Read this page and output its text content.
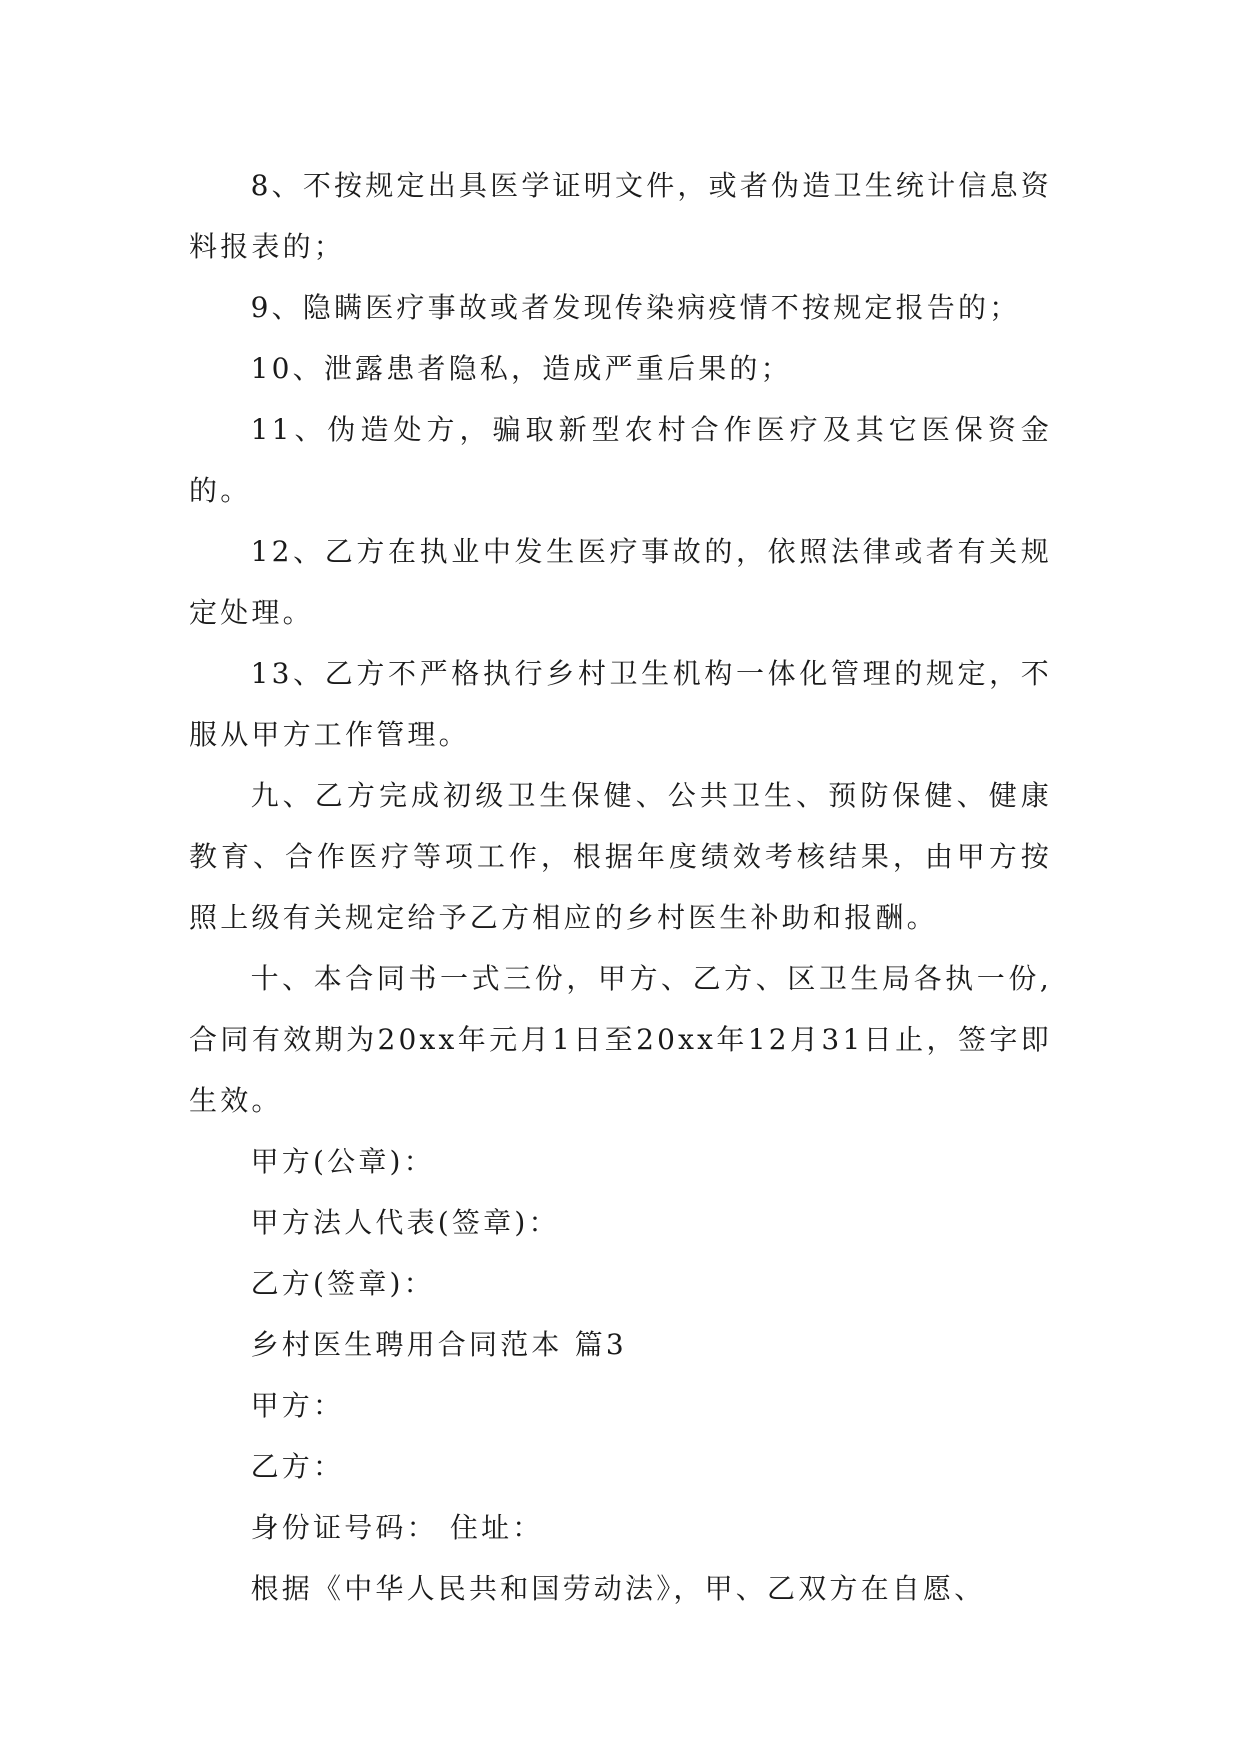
8、不按规定出具医学证明文件，或者伪造卫生统计信息资料报表的；

9、隐瞒医疗事故或者发现传染病疫情不按规定报告的；

10、泄露患者隐私，造成严重后果的；

11、伪造处方，骗取新型农村合作医疗及其它医保资金的。

12、乙方在执业中发生医疗事故的，依照法律或者有关规定处理。

13、乙方不严格执行乡村卫生机构一体化管理的规定，不服从甲方工作管理。

九、乙方完成初级卫生保健、公共卫生、预防保健、健康教育、合作医疗等项工作，根据年度绩效考核结果，由甲方按照上级有关规定给予乙方相应的乡村医生补助和报酬。

十、本合同书一式三份，甲方、乙方、区卫生局各执一份,合同有效期为20xx年元月1日至20xx年12月31日止，签字即生效。

甲方(公章)：

甲方法人代表(签章)：

乙方(签章)：

乡村医生聘用合同范本 篇3

甲方：

乙方：

身份证号码： 住址：

根据《中华人民共和国劳动法》，甲、乙双方在自愿、
